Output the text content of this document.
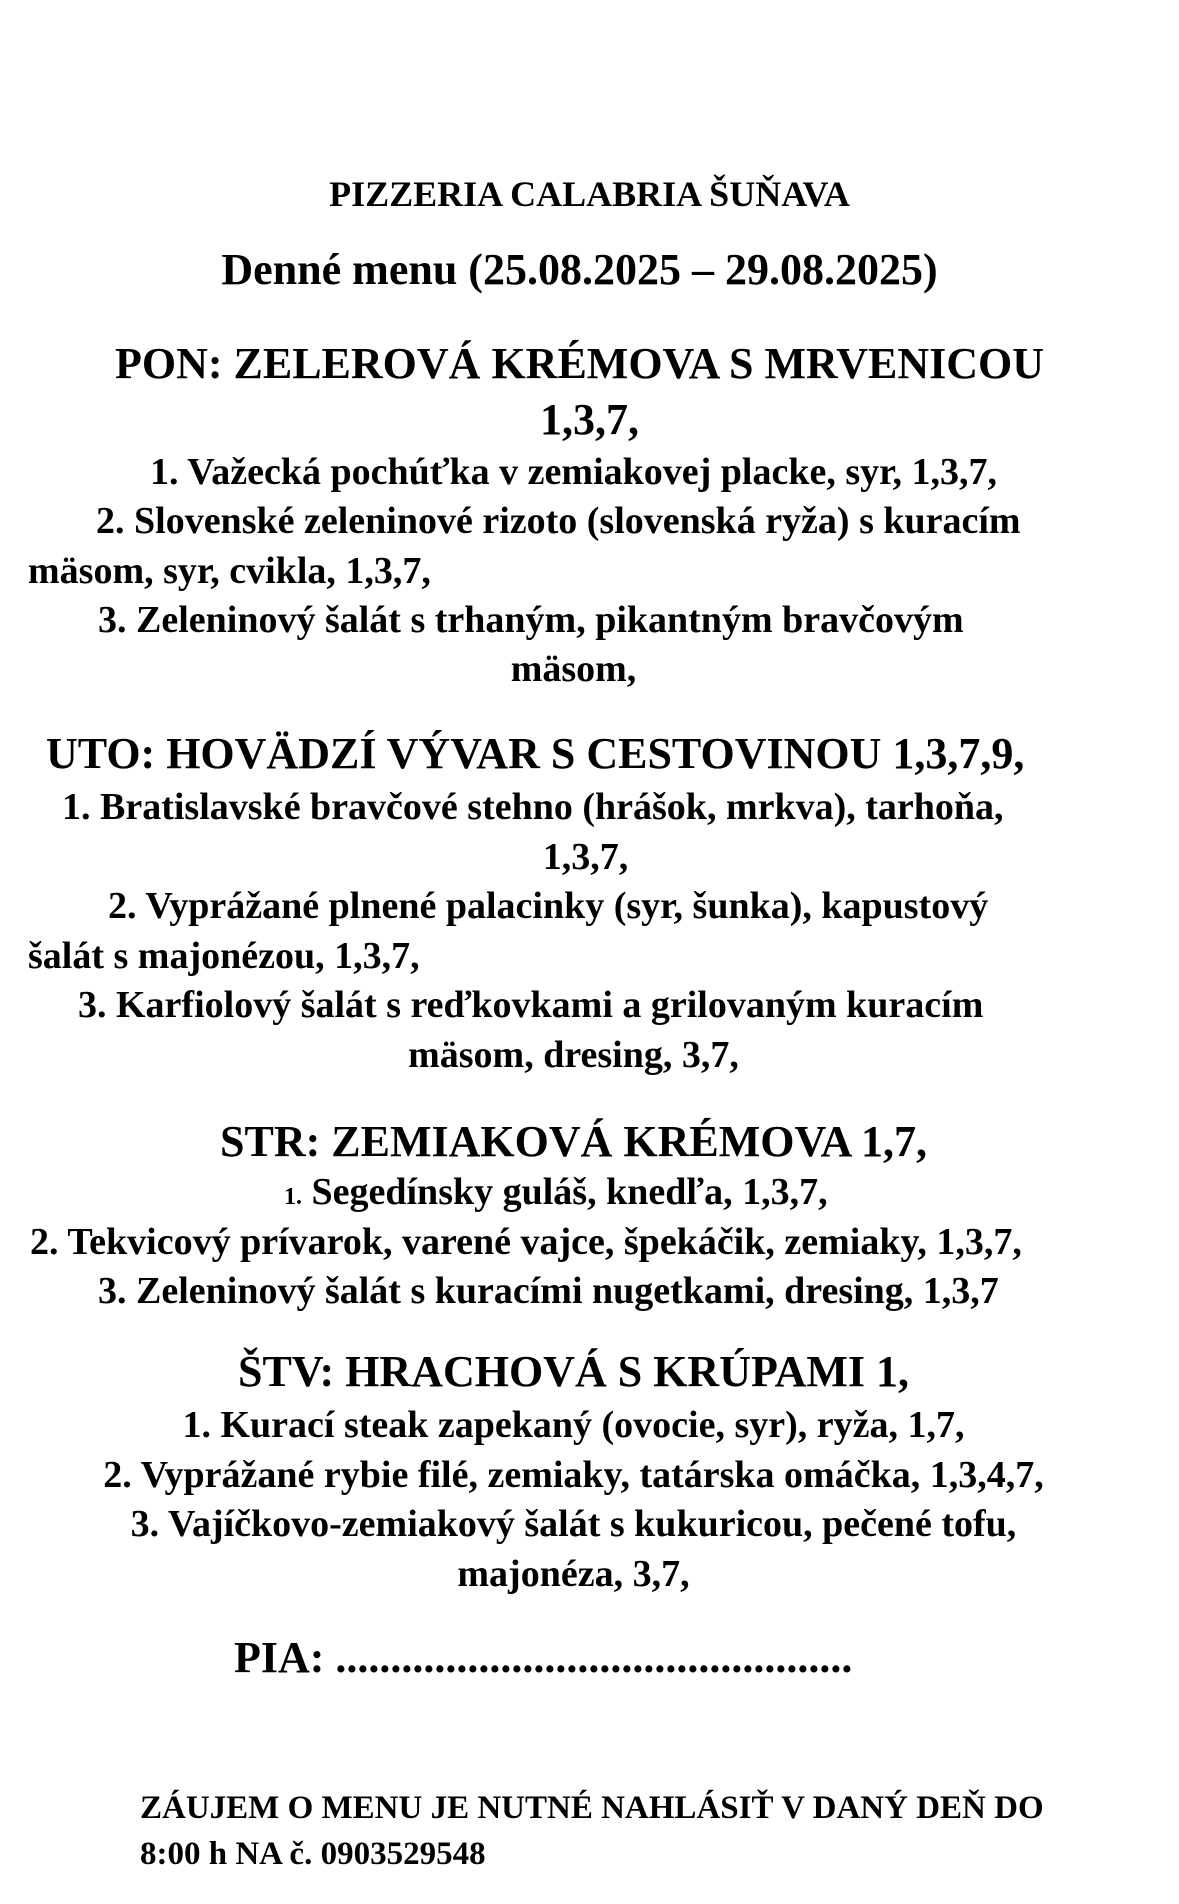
PIZZERIA CALABRIA ŠUŇAVA
Denné menu (25.08.2025 – 29.08.2025)
PON: ZELEROVÁ KRÉMOVA S MRVENICOU
1,3,7,
1. Važecká pochúťka v zemiakovej placke, syr, 1,3,7,
2. Slovenské zeleninové rizoto (slovenská ryža) s kuracím
mäsom, syr, cvikla, 1,3,7,
3. Zeleninový šalát s trhaným, pikantným bravčovým
mäsom,
UTO: HOVÄDZÍ VÝVAR S CESTOVINOU 1,3,7,9,
1. Bratislavské bravčové stehno (hrášok, mrkva), tarhoňa,
1,3,7,
2. Vyprážané plnené palacinky (syr, šunka), kapustový
šalát s majonézou, 1,3,7,
3. Karfiolový šalát s reďkovkami a grilovaným kuracím
mäsom, dresing, 3,7,
STR: ZEMIAKOVÁ KRÉMOVA 1,7,
1. Segedínsky guláš, knedľa, 1,3,7,
2. Tekvicový prívarok, varené vajce, špekáčik, zemiaky, 1,3,7,
3. Zeleninový šalát s kuracími nugetkami, dresing, 1,3,7
ŠTV: HRACHOVÁ S KRÚPAMI 1,
1. Kurací steak zapekaný (ovocie, syr), ryža, 1,7,
2. Vyprážané rybie filé, zemiaky, tatárska omáčka, 1,3,4,7,
3. Vajíčkovo-zemiakový šalát s kukuricou, pečené tofu,
majonéza, 3,7,
PIA: ...............................................
ZÁUJEM O MENU JE NUTNÉ NAHLÁSIŤ V DANÝ DEŇ DO
8:00 h NA č. 0903529548
